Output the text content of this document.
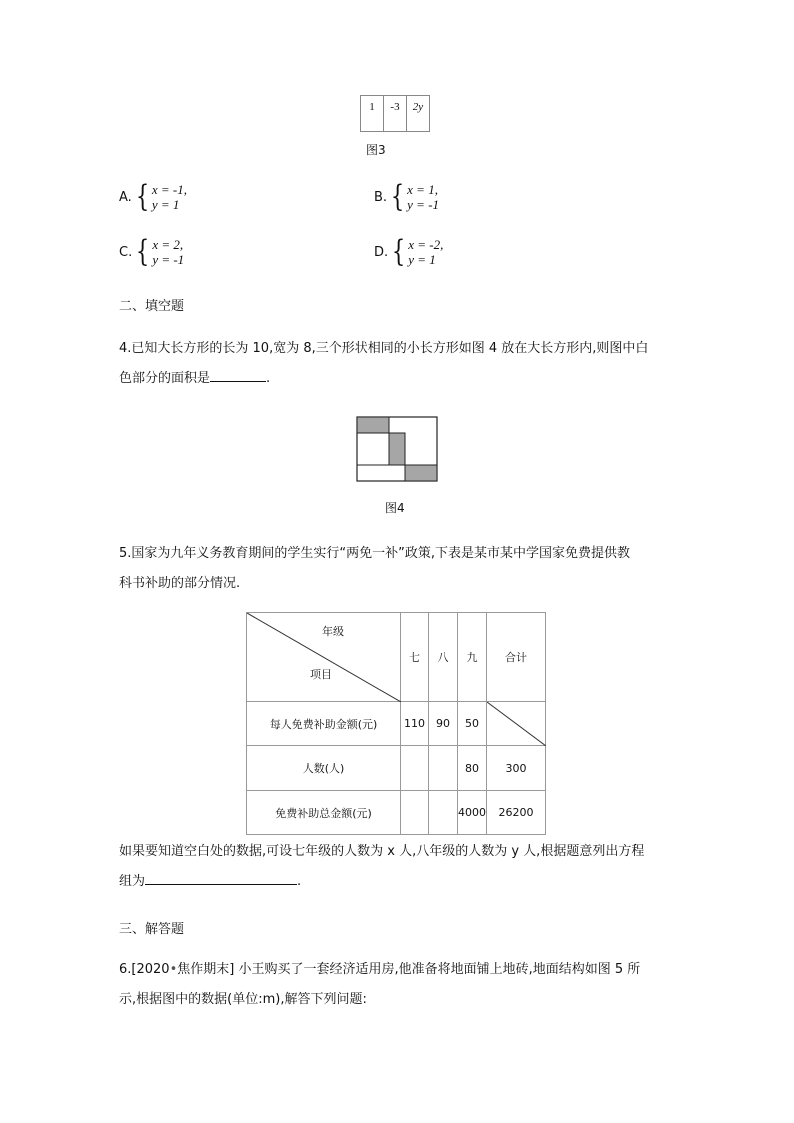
1	-3	2y
图3
A. { x = -1,
y = 1	B. { x = 1,
y = -1
C. { x = 2,
y = -1	D. { x = -2,
y = 1
二、填空题
4.已知大长方形的长为 10,宽为 8,三个形状相同的小长方形如图 4 放在大长方形内,则图中白
色部分的面积是	.
图4
5.国家为九年义务教育期间的学生实行“两免一补”政策,下表是某市某中学国家免费提供教
科书补助的部分情况.
年级
项目	七	八	九	合计
每人免费补助金额(元)	110	90	50	

人数(人)			80	300
免费补助总金额(元)			4000	26200
如果要知道空白处的数据,可设七年级的人数为 x 人,八年级的人数为 y 人,根据题意列出方程
组为	.
三、解答题
6.[2020•焦作期末] 小王购买了一套经济适用房,他准备将地面铺上地砖,地面结构如图 5 所
示,根据图中的数据(单位:m),解答下列问题:
